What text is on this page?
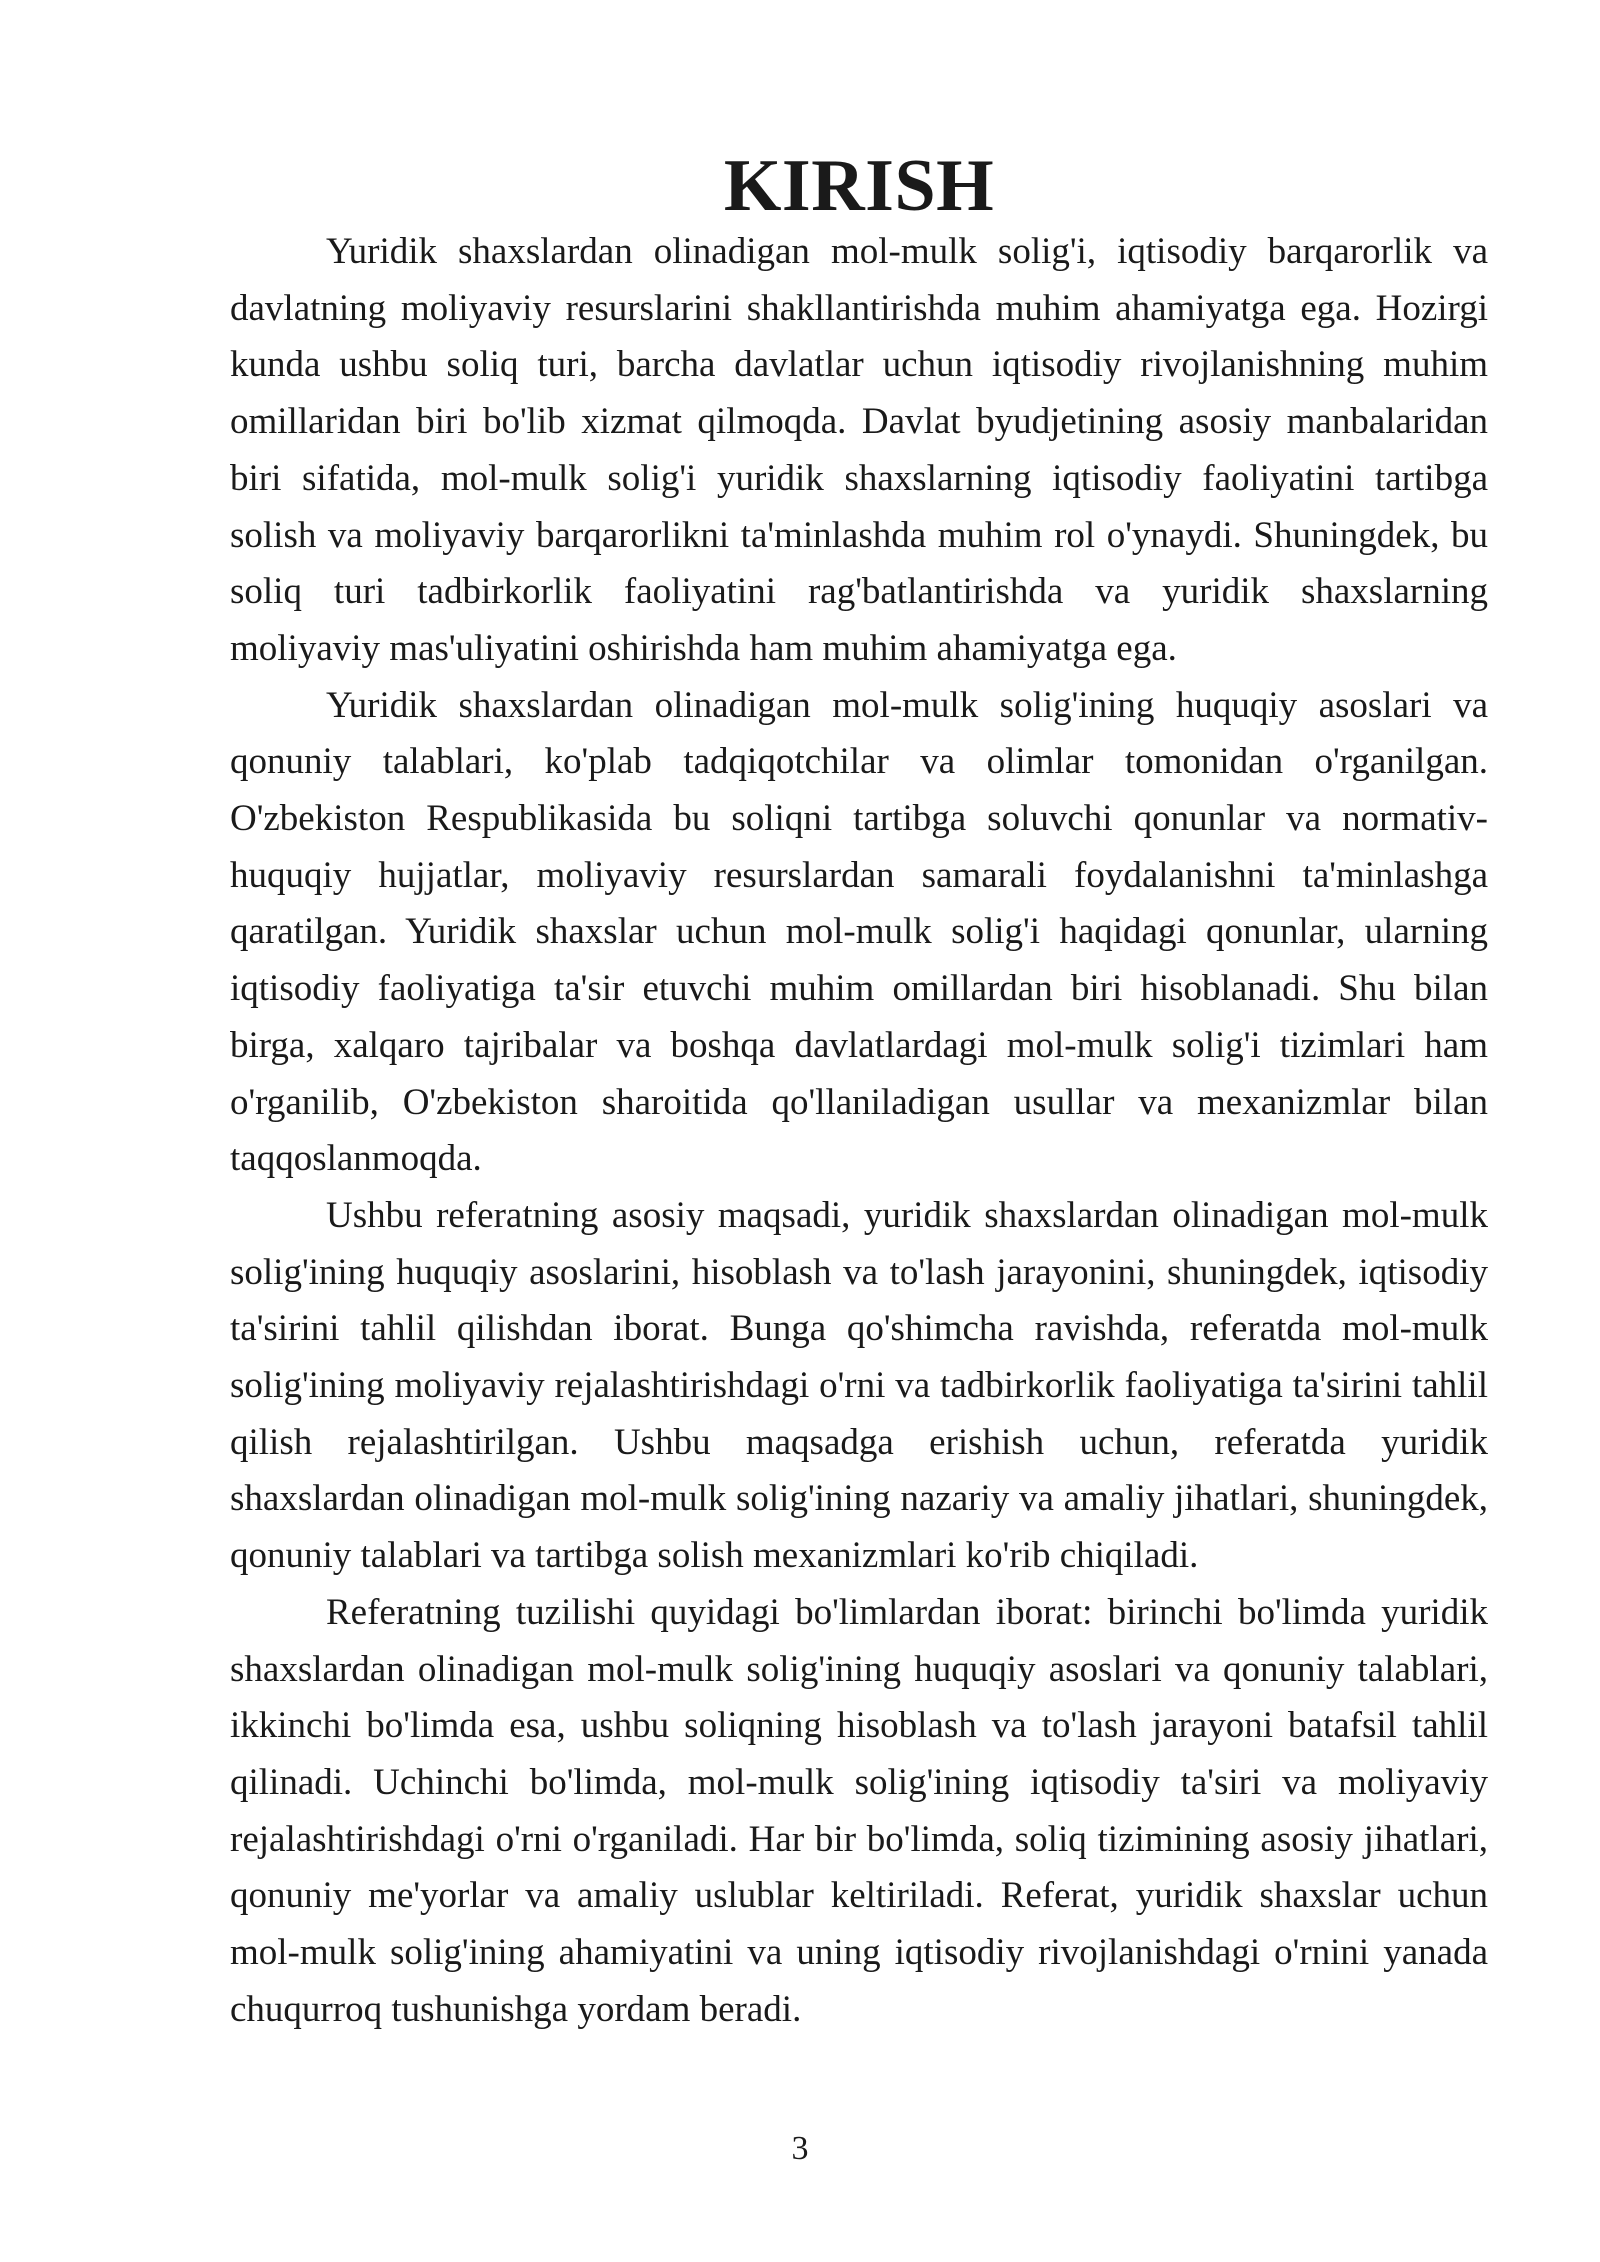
KIRISH

Yuridik shaxslardan olinadigan mol-mulk solig'i, iqtisodiy barqarorlik va davlatning moliyaviy resurslarini shakllantirishda muhim ahamiyatga ega. Hozirgi kunda ushbu soliq turi, barcha davlatlar uchun iqtisodiy rivojlanishning muhim omillaridan biri bo'lib xizmat qilmoqda. Davlat byudjetining asosiy manbalaridan biri sifatida, mol-mulk solig'i yuridik shaxslarning iqtisodiy faoliyatini tartibga solish va moliyaviy barqarorlikni ta'minlashda muhim rol o'ynaydi. Shuningdek, bu soliq turi tadbirkorlik faoliyatini rag'batlantirishda va yuridik shaxslarning moliyaviy mas'uliyatini oshirishda ham muhim ahamiyatga ega.

Yuridik shaxslardan olinadigan mol-mulk solig'ining huquqiy asoslari va qonuniy talablari, ko'plab tadqiqotchilar va olimlar tomonidan o'rganilgan. O'zbekiston Respublikasida bu soliqni tartibga soluvchi qonunlar va normativ-huquqiy hujjatlar, moliyaviy resurslardan samarali foydalanishni ta'minlashga qaratilgan. Yuridik shaxslar uchun mol-mulk solig'i haqidagi qonunlar, ularning iqtisodiy faoliyatiga ta'sir etuvchi muhim omillardan biri hisoblanadi. Shu bilan birga, xalqaro tajribalar va boshqa davlatlardagi mol-mulk solig'i tizimlari ham o'rganilib, O'zbekiston sharoitida qo'llaniladigan usullar va mexanizmlar bilan taqqoslanmoqda.

Ushbu referatning asosiy maqsadi, yuridik shaxslardan olinadigan mol-mulk solig'ining huquqiy asoslarini, hisoblash va to'lash jarayonini, shuningdek, iqtisodiy ta'sirini tahlil qilishdan iborat. Bunga qo'shimcha ravishda, referatda mol-mulk solig'ining moliyaviy rejalashtirishdagi o'rni va tadbirkorlik faoliyatiga ta'sirini tahlil qilish rejalashtirilgan. Ushbu maqsadga erishish uchun, referatda yuridik shaxslardan olinadigan mol-mulk solig'ining nazariy va amaliy jihatlari, shuningdek, qonuniy talablari va tartibga solish mexanizmlari ko'rib chiqiladi.

Referatning tuzilishi quyidagi bo'limlardan iborat: birinchi bo'limda yuridik shaxslardan olinadigan mol-mulk solig'ining huquqiy asoslari va qonuniy talablari, ikkinchi bo'limda esa, ushbu soliqning hisoblash va to'lash jarayoni batafsil tahlil qilinadi. Uchinchi bo'limda, mol-mulk solig'ining iqtisodiy ta'siri va moliyaviy rejalashtirishdagi o'rni o'rganiladi. Har bir bo'limda, soliq tizimining asosiy jihatlari, qonuniy me'yorlar va amaliy uslublar keltiriladi. Referat, yuridik shaxslar uchun mol-mulk solig'ining ahamiyatini va uning iqtisodiy rivojlanishdagi o'rnini yanada chuqurroq tushunishga yordam beradi.

3
